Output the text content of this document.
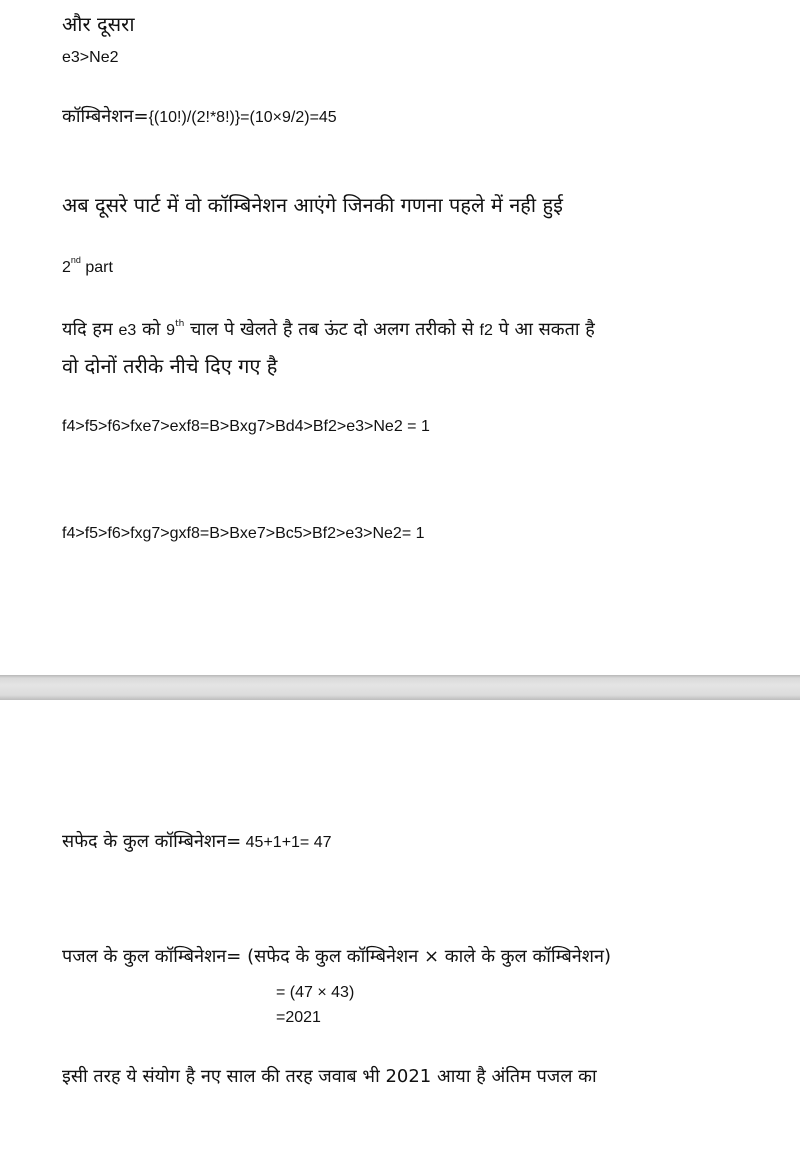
और दूसरा
e3>Ne2
कॉम्बिनेशन={(10!)/(2!*8!)}=(10×9/2)=45
अब दूसरे पार्ट में वो कॉम्बिनेशन आएंगे जिनकी गणना पहले में नही हुई
2nd part
यदि हम e3 को 9th चाल पे खेलते है तब ऊंट दो अलग तरीको से f2 पे आ सकता है
वो दोनों तरीके नीचे दिए गए है
f4>f5>f6>fxe7>exf8=B>Bxg7>Bd4>Bf2>e3>Ne2 = 1
f4>f5>f6>fxg7>gxf8=B>Bxe7>Bc5>Bf2>e3>Ne2= 1
सफेद के कुल कॉम्बिनेशन= 45+1+1= 47
पजल के कुल कॉम्बिनेशन= (सफेद के कुल कॉम्बिनेशन × काले के कुल कॉम्बिनेशन)
= (47 × 43)
=2021
इसी तरह ये संयोग है नए साल की तरह जवाब भी 2021 आया है अंतिम पजल का
